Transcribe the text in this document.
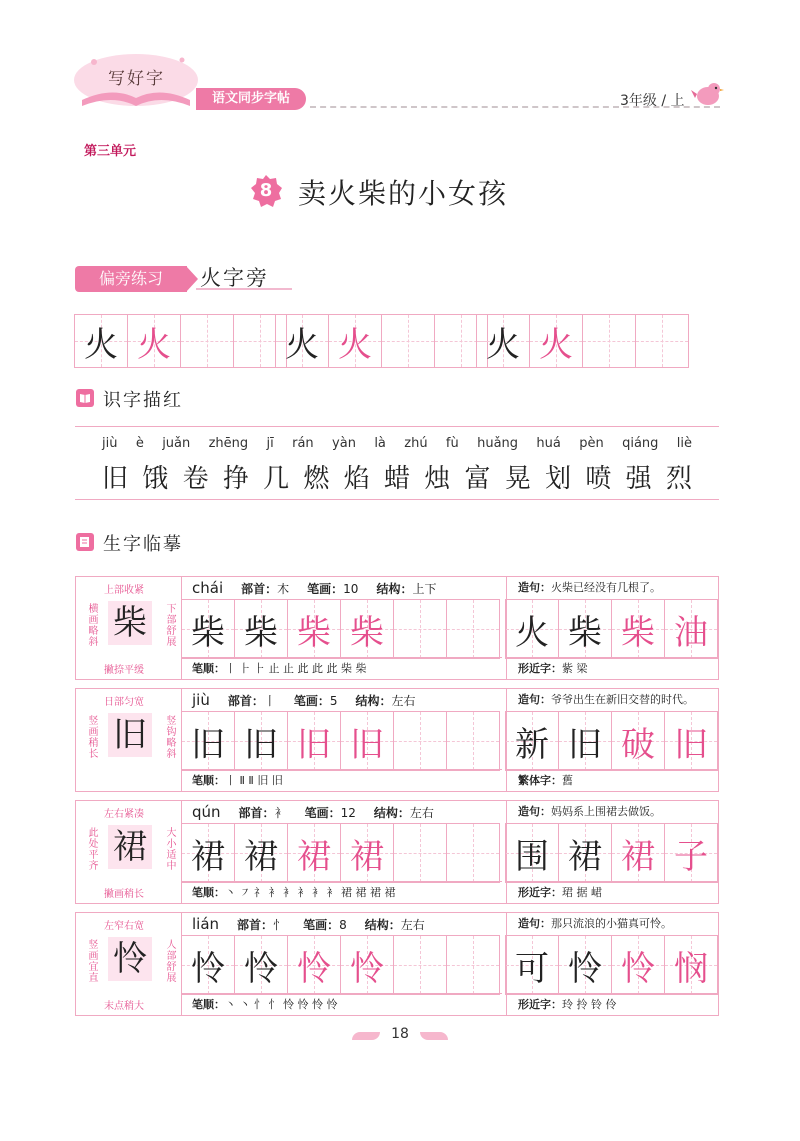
写好字
语文同步字帖	3年级 / 上
第三单元
8 卖火柴的小女孩
偏旁练习	火字旁
火 火	火 火	火 火
识字描红
jiù è juǎn zhēng jī rán yàn là zhú fù huǎng huá pèn qiáng liè
旧 饿 卷 挣 几 燃 焰 蜡 烛 富 晃 划 喷 强 烈
生字临摹
上部收紧
横画略斜	下部舒展
撇捺平缓
柴
chái 部首：木 笔画：10 结构：上下
柴 柴 柴 柴
笔顺：丨 ⺊ ⺊ 止 止 此 此 此 柴 柴
造句：火柴已经没有几根了。
火 柴 柴 油
形近字：紫 梁
日部匀宽
竖画稍长	竖钩略斜
旧
jiù 部首：丨 笔画：5 结构：左右
旧 旧 旧 旧
笔顺：丨 Ⅱ Ⅱ 旧 旧
造句：爷爷出生在新旧交替的时代。
新 旧 破 旧
繁体字：舊
左右紧凑
此处平齐	大小适中
撇画稍长
裙
qún 部首：衤 笔画：12 结构：左右
裙 裙 裙 裙
笔顺：丶 ㇇ 礻 衤 衤 衤 衤 衤 裙 裙 裙 裙
造句：妈妈系上围裙去做饭。
围 裙 裙 子
形近字：珺 据 峮
左窄右宽
竖画宜直	人部舒展
末点稍大
怜
lián 部首：忄 笔画：8 结构：左右
怜 怜 怜 怜
笔顺：丶 丶 忄 忄 怜 怜 怜 怜
造句：那只流浪的小猫真可怜。
可 怜 怜 悯
形近字：玲 拎 铃 伶
18
